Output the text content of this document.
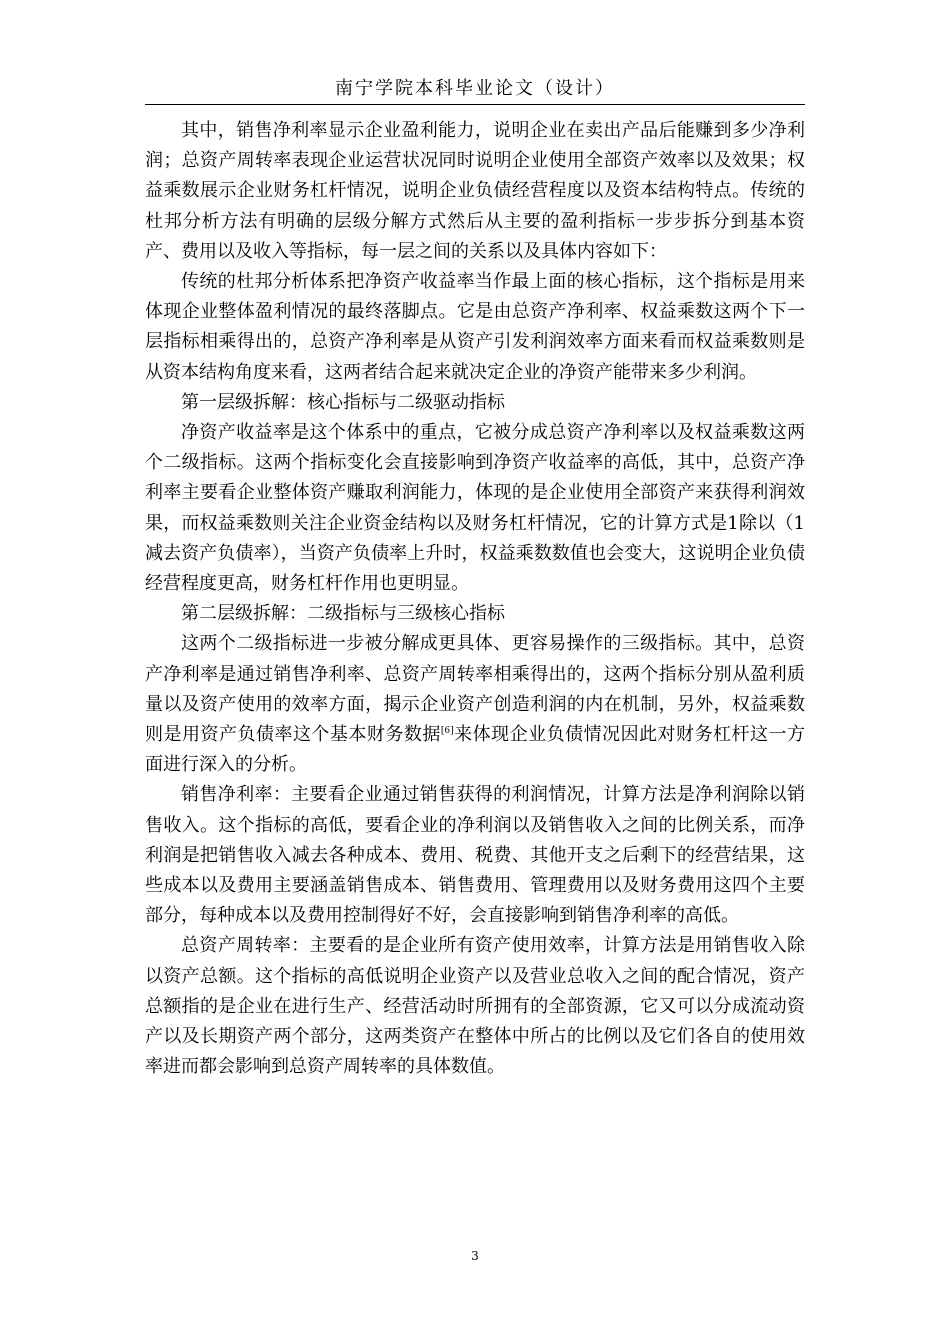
南宁学院本科毕业论文（设计）

其中，销售净利率显示企业盈利能力，说明企业在卖出产品后能赚到多少净利润；总资产周转率表现企业运营状况同时说明企业使用全部资产效率以及效果；权益乘数展示企业财务杠杆情况，说明企业负债经营程度以及资本结构特点。传统的杜邦分析方法有明确的层级分解方式然后从主要的盈利指标一步步拆分到基本资产、费用以及收入等指标，每一层之间的关系以及具体内容如下：

传统的杜邦分析体系把净资产收益率当作最上面的核心指标，这个指标是用来体现企业整体盈利情况的最终落脚点。它是由总资产净利率、权益乘数这两个下一层指标相乘得出的，总资产净利率是从资产引发利润效率方面来看而权益乘数则是从资本结构角度来看，这两者结合起来就决定企业的净资产能带来多少利润。

第一层级拆解：核心指标与二级驱动指标

净资产收益率是这个体系中的重点，它被分成总资产净利率以及权益乘数这两个二级指标。这两个指标变化会直接影响到净资产收益率的高低，其中，总资产净利率主要看企业整体资产赚取利润能力，体现的是企业使用全部资产来获得利润效果，而权益乘数则关注企业资金结构以及财务杠杆情况，它的计算方式是1除以（1减去资产负债率），当资产负债率上升时，权益乘数数值也会变大，这说明企业负债经营程度更高，财务杠杆作用也更明显。

第二层级拆解：二级指标与三级核心指标

这两个二级指标进一步被分解成更具体、更容易操作的三级指标。其中，总资产净利率是通过销售净利率、总资产周转率相乘得出的，这两个指标分别从盈利质量以及资产使用的效率方面，揭示企业资产创造利润的内在机制，另外，权益乘数则是用资产负债率这个基本财务数据[6]来体现企业负债情况因此对财务杠杆这一方面进行深入的分析。

销售净利率：主要看企业通过销售获得的利润情况，计算方法是净利润除以销售收入。这个指标的高低，要看企业的净利润以及销售收入之间的比例关系，而净利润是把销售收入减去各种成本、费用、税费、其他开支之后剩下的经营结果，这些成本以及费用主要涵盖销售成本、销售费用、管理费用以及财务费用这四个主要部分，每种成本以及费用控制得好不好，会直接影响到销售净利率的高低。

总资产周转率：主要看的是企业所有资产使用效率，计算方法是用销售收入除以资产总额。这个指标的高低说明企业资产以及营业总收入之间的配合情况，资产总额指的是企业在进行生产、经营活动时所拥有的全部资源，它又可以分成流动资产以及长期资产两个部分，这两类资产在整体中所占的比例以及它们各自的使用效率进而都会影响到总资产周转率的具体数值。

3
